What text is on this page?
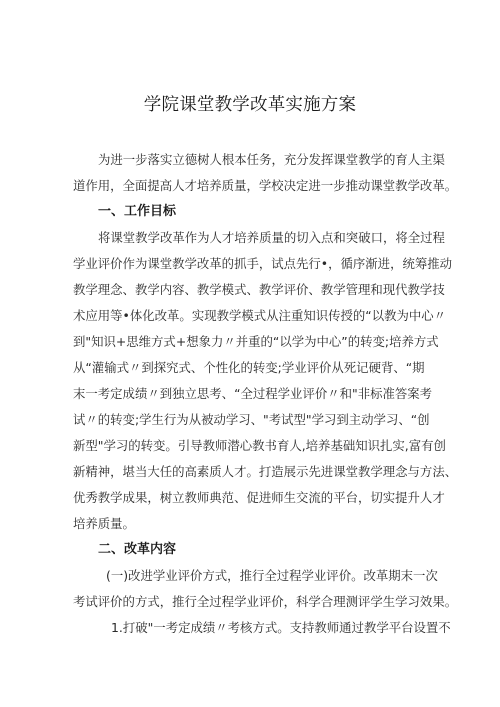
学院课堂教学改革实施方案
为进一步落实立德树人根本任务，充分发挥课堂教学的育人主渠
道作用，全面提高人才培养质量，学校决定进一步推动课堂教学改革。
一、工作目标
将课堂教学改革作为人才培养质量的切入点和突破口，将全过程
学业评价作为课堂教学改革的抓手，试点先行•，循序渐进，统筹推动
教学理念、教学内容、教学模式、教学评价、教学管理和现代教学技
术应用等•体化改革。实现教学模式从注重知识传授的“以教为中心〃
到"知识+思维方式+想象力〃并重的“以学为中心”的转变;培养方式
从“灌输式〃到探究式、个性化的转变;学业评价从死记硬背、“期
末一考定成绩〃到独立思考、“全过程学业评价〃和"非标准答案考
试〃的转变;学生行为从被动学习、"考试型"学习到主动学习、“创
新型"学习的转变。引导教师潜心教书育人,培养基础知识扎实,富有创
新精神，堪当大任的高素质人才。打造展示先进课堂教学理念与方法、
优秀教学成果，树立教师典范、促进师生交流的平台，切实提升人才
培养质量。
二、改革内容
(一)改进学业评价方式，推行全过程学业评价。改革期末一次
考试评价的方式，推行全过程学业评价，科学合理测评学生学习效果。
1.打破"一考定成绩〃考核方式。支持教师通过教学平台设置不
